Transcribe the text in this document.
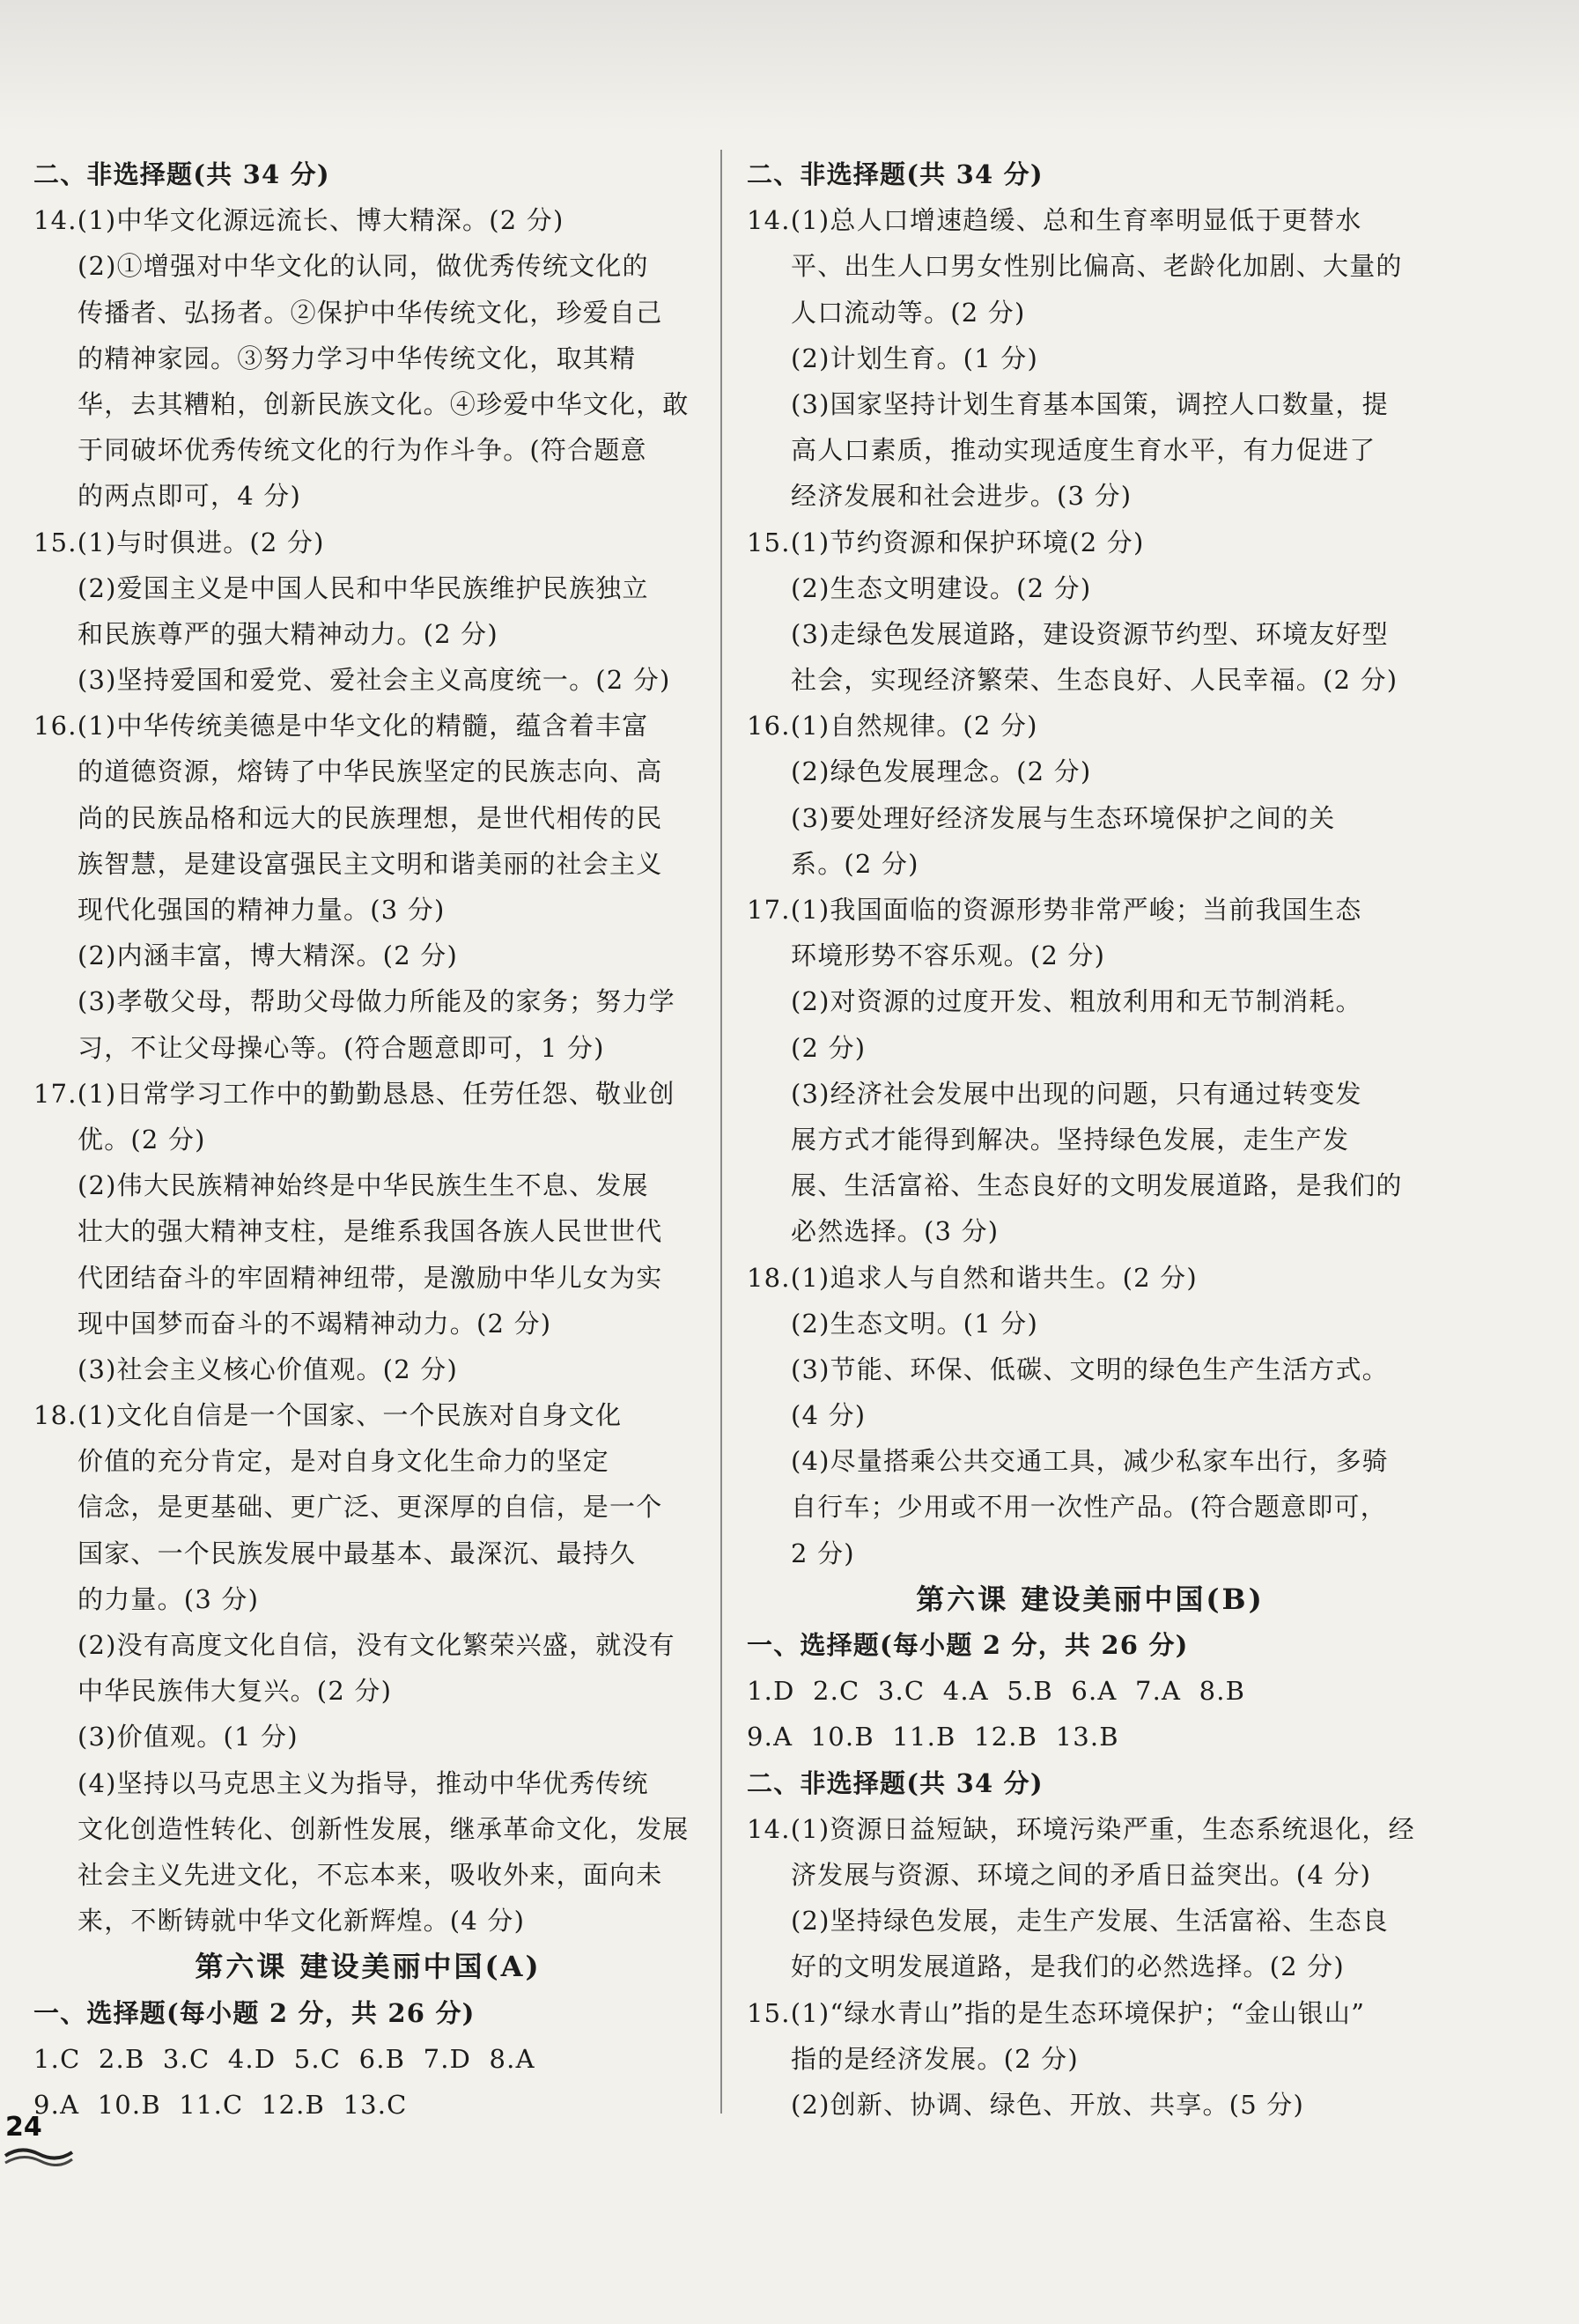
二、非选择题(共 34 分)
14.(1)中华文化源远流长、博大精深。(2 分)
(2)①增强对中华文化的认同，做优秀传统文化的
传播者、弘扬者。②保护中华传统文化，珍爱自己
的精神家园。③努力学习中华传统文化，取其精
华，去其糟粕，创新民族文化。④珍爱中华文化，敢
于同破坏优秀传统文化的行为作斗争。(符合题意
的两点即可，4 分)
15.(1)与时俱进。(2 分)
(2)爱国主义是中国人民和中华民族维护民族独立
和民族尊严的强大精神动力。(2 分)
(3)坚持爱国和爱党、爱社会主义高度统一。(2 分)
16.(1)中华传统美德是中华文化的精髓，蕴含着丰富
的道德资源，熔铸了中华民族坚定的民族志向、高
尚的民族品格和远大的民族理想，是世代相传的民
族智慧，是建设富强民主文明和谐美丽的社会主义
现代化强国的精神力量。(3 分)
(2)内涵丰富，博大精深。(2 分)
(3)孝敬父母，帮助父母做力所能及的家务；努力学
习，不让父母操心等。(符合题意即可，1 分)
17.(1)日常学习工作中的勤勤恳恳、任劳任怨、敬业创
优。(2 分)
(2)伟大民族精神始终是中华民族生生不息、发展
壮大的强大精神支柱，是维系我国各族人民世世代
代团结奋斗的牢固精神纽带，是激励中华儿女为实
现中国梦而奋斗的不竭精神动力。(2 分)
(3)社会主义核心价值观。(2 分)
18.(1)文化自信是一个国家、一个民族对自身文化
价值的充分肯定，是对自身文化生命力的坚定
信念，是更基础、更广泛、更深厚的自信，是一个
国家、一个民族发展中最基本、最深沉、最持久
的力量。(3 分)
(2)没有高度文化自信，没有文化繁荣兴盛，就没有
中华民族伟大复兴。(2 分)
(3)价值观。(1 分)
(4)坚持以马克思主义为指导，推动中华优秀传统
文化创造性转化、创新性发展，继承革命文化，发展
社会主义先进文化，不忘本来，吸收外来，面向未
来，不断铸就中华文化新辉煌。(4 分)
第六课 建设美丽中国(A)
一、选择题(每小题 2 分，共 26 分)
1.C 2.B 3.C 4.D 5.C 6.B 7.D 8.A
9.A 10.B 11.C 12.B 13.C
二、非选择题(共 34 分)
14.(1)总人口增速趋缓、总和生育率明显低于更替水
平、出生人口男女性别比偏高、老龄化加剧、大量的
人口流动等。(2 分)
(2)计划生育。(1 分)
(3)国家坚持计划生育基本国策，调控人口数量，提
高人口素质，推动实现适度生育水平，有力促进了
经济发展和社会进步。(3 分)
15.(1)节约资源和保护环境(2 分)
(2)生态文明建设。(2 分)
(3)走绿色发展道路，建设资源节约型、环境友好型
社会，实现经济繁荣、生态良好、人民幸福。(2 分)
16.(1)自然规律。(2 分)
(2)绿色发展理念。(2 分)
(3)要处理好经济发展与生态环境保护之间的关
系。(2 分)
17.(1)我国面临的资源形势非常严峻；当前我国生态
环境形势不容乐观。(2 分)
(2)对资源的过度开发、粗放利用和无节制消耗。
(2 分)
(3)经济社会发展中出现的问题，只有通过转变发
展方式才能得到解决。坚持绿色发展，走生产发
展、生活富裕、生态良好的文明发展道路，是我们的
必然选择。(3 分)
18.(1)追求人与自然和谐共生。(2 分)
(2)生态文明。(1 分)
(3)节能、环保、低碳、文明的绿色生产生活方式。
(4 分)
(4)尽量搭乘公共交通工具，减少私家车出行，多骑
自行车；少用或不用一次性产品。(符合题意即可，
2 分)
第六课 建设美丽中国(B)
一、选择题(每小题 2 分，共 26 分)
1.D 2.C 3.C 4.A 5.B 6.A 7.A 8.B
9.A 10.B 11.B 12.B 13.B
二、非选择题(共 34 分)
14.(1)资源日益短缺，环境污染严重，生态系统退化，经
济发展与资源、环境之间的矛盾日益突出。(4 分)
(2)坚持绿色发展，走生产发展、生活富裕、生态良
好的文明发展道路，是我们的必然选择。(2 分)
15.(1)“绿水青山”指的是生态环境保护；“金山银山”
指的是经济发展。(2 分)
(2)创新、协调、绿色、开放、共享。(5 分)
24
